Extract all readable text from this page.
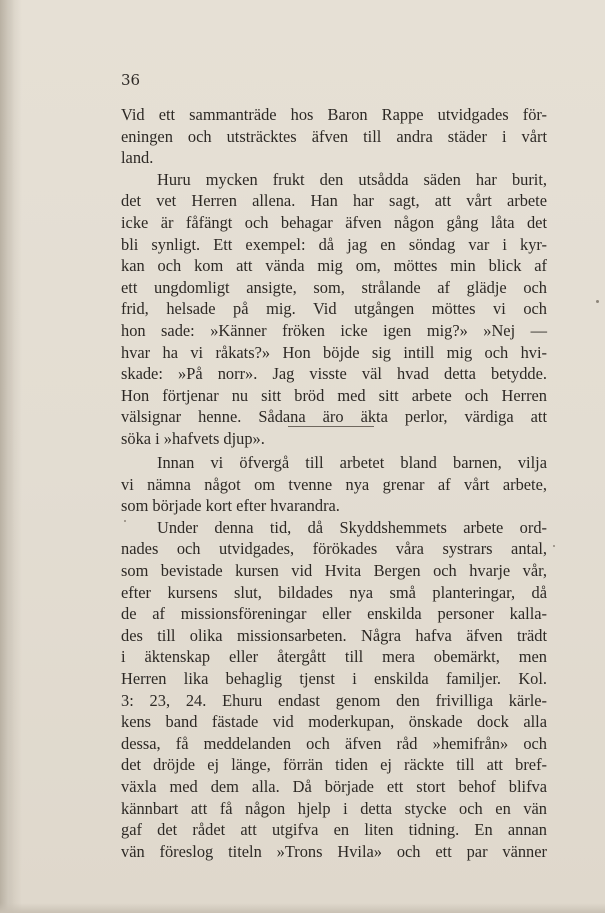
36

Vid ett sammanträde hos Baron Rappe utvidgades för-
eningen och utsträcktes äfven till andra städer i vårt
land.
Huru mycken frukt den utsådda säden har burit,
det vet Herren allena. Han har sagt, att vårt arbete
icke är fåfängt och behagar äfven någon gång låta det
bli synligt. Ett exempel: då jag en söndag var i kyr-
kan och kom att vända mig om, möttes min blick af
ett ungdomligt ansigte, som, strålande af glädje och
frid, helsade på mig. Vid utgången möttes vi och
hon sade: »Känner fröken icke igen mig?» »Nej —
hvar ha vi råkats?» Hon böjde sig intill mig och hvi-
skade: »På norr». Jag visste väl hvad detta betydde.
Hon förtjenar nu sitt bröd med sitt arbete och Herren
välsignar henne. Sådana äro äkta perlor, värdiga att
söka i »hafvets djup».
Innan vi öfvergå till arbetet bland barnen, vilja
vi nämna något om tvenne nya grenar af vårt arbete,
som började kort efter hvarandra.
Under denna tid, då Skyddshemmets arbete ord-
nades och utvidgades, förökades våra systrars antal,
som bevistade kursen vid Hvita Bergen och hvarje vår,
efter kursens slut, bildades nya små planteringar, då
de af missionsföreningar eller enskilda personer kalla-
des till olika missionsarbeten. Några hafva äfven trädt
i äktenskap eller återgått till mera obemärkt, men
Herren lika behaglig tjenst i enskilda familjer. Kol.
3: 23, 24. Ehuru endast genom den frivilliga kärle-
kens band fästade vid moderkupan, önskade dock alla
dessa, få meddelanden och äfven råd »hemifrån» och
det dröjde ej länge, förrän tiden ej räckte till att bref-
växla med dem alla. Då började ett stort behof blifva
kännbart att få någon hjelp i detta stycke och en vän
gaf det rådet att utgifva en liten tidning. En annan
vän föreslog titeln »Trons Hvila» och ett par vänner
